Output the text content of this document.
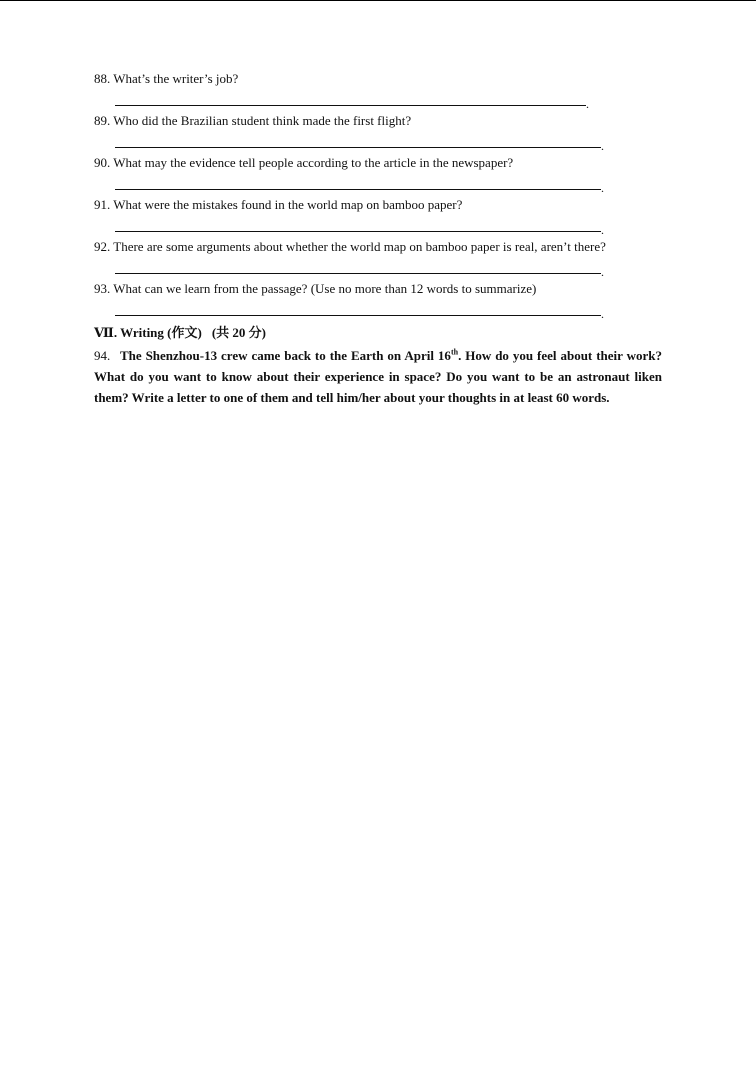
88. What’s the writer’s job?
.
89. Who did the Brazilian student think made the first flight?
.
90. What may the evidence tell people according to the article in the newspaper?
.
91. What were the mistakes found in the world map on bamboo paper?
.
92. There are some arguments about whether the world map on bamboo paper is real, aren’t there?
.
93. What can we learn from the passage? (Use no more than 12 words to summarize)
.
Ⅶ. Writing (作文) (共 20 分)
94. The Shenzhou-13 crew came back to the Earth on April 16th. How do you feel about their work? What do you want to know about their experience in space? Do you want to be an astronaut liken them? Write a letter to one of them and tell him/her about your thoughts in at least 60 words.
